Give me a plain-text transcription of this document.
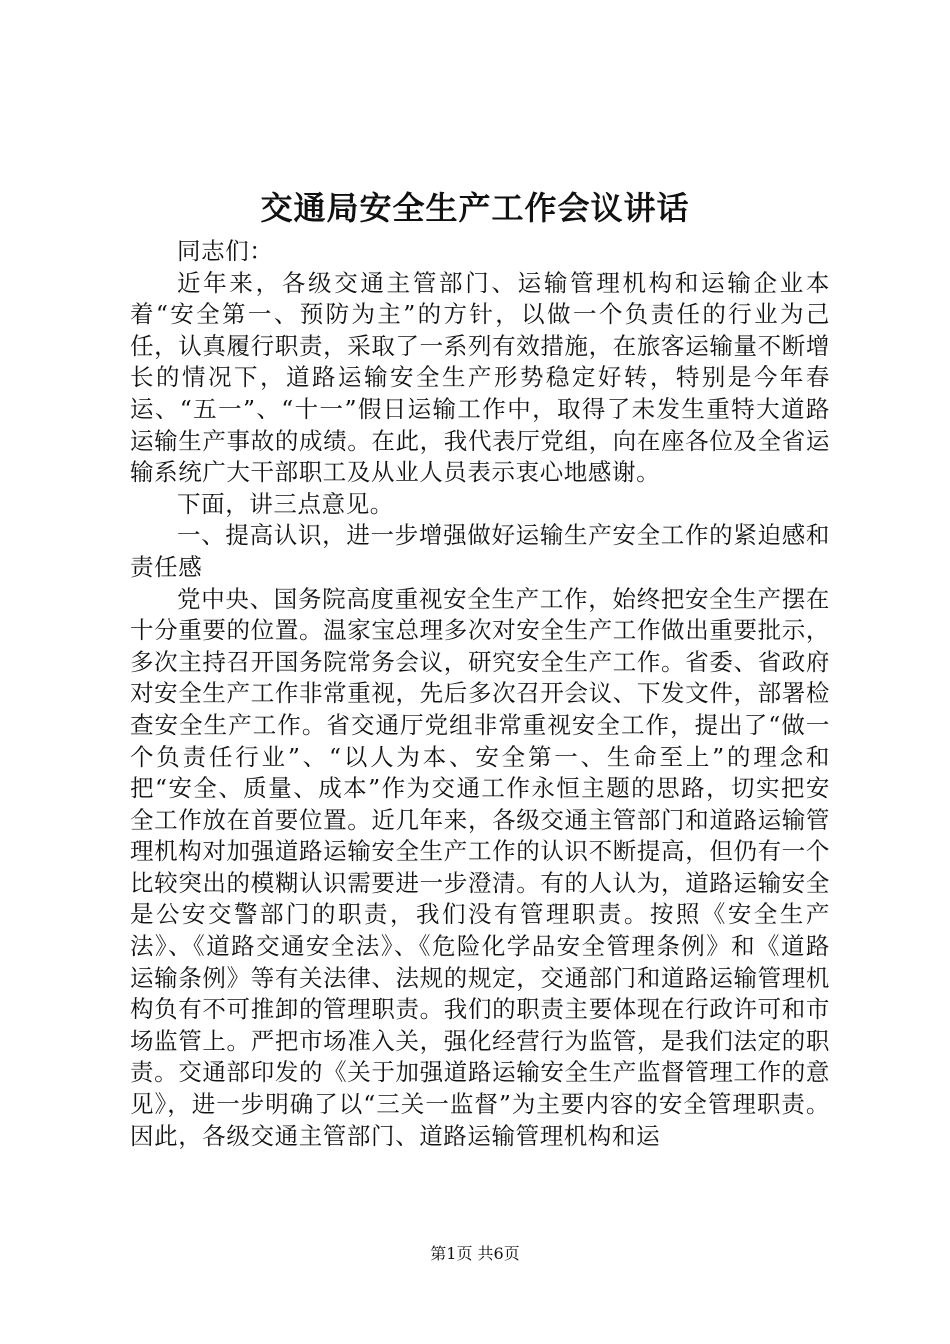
交通局安全生产工作会议讲话

同志们：

近年来，各级交通主管部门、运输管理机构和运输企业本着“安全第一、预防为主”的方针，以做一个负责任的行业为己任，认真履行职责，采取了一系列有效措施，在旅客运输量不断增长的情况下，道路运输安全生产形势稳定好转，特别是今年春运、“五一”、“十一”假日运输工作中，取得了未发生重特大道路运输生产事故的成绩。在此，我代表厅党组，向在座各位及全省运输系统广大干部职工及从业人员表示衷心地感谢。

下面，讲三点意见。

一、提高认识，进一步增强做好运输生产安全工作的紧迫感和责任感

党中央、国务院高度重视安全生产工作，始终把安全生产摆在十分重要的位置。温家宝总理多次对安全生产工作做出重要批示，多次主持召开国务院常务会议，研究安全生产工作。省委、省政府对安全生产工作非常重视，先后多次召开会议、下发文件，部署检查安全生产工作。省交通厅党组非常重视安全工作，提出了“做一个负责任行业”、“以人为本、安全第一、生命至上”的理念和把“安全、质量、成本”作为交通工作永恒主题的思路，切实把安全工作放在首要位置。近几年来，各级交通主管部门和道路运输管理机构对加强道路运输安全生产工作的认识不断提高，但仍有一个比较突出的模糊认识需要进一步澄清。有的人认为，道路运输安全是公安交警部门的职责，我们没有管理职责。按照《安全生产法》、《道路交通安全法》、《危险化学品安全管理条例》和《道路运输条例》等有关法律、法规的规定，交通部门和道路运输管理机构负有不可推卸的管理职责。我们的职责主要体现在行政许可和市场监管上。严把市场准入关，强化经营行为监管，是我们法定的职责。交通部印发的《关于加强道路运输安全生产监督管理工作的意见》，进一步明确了以“三关一监督”为主要内容的安全管理职责。因此，各级交通主管部门、道路运输管理机构和运

第1页 共6页
